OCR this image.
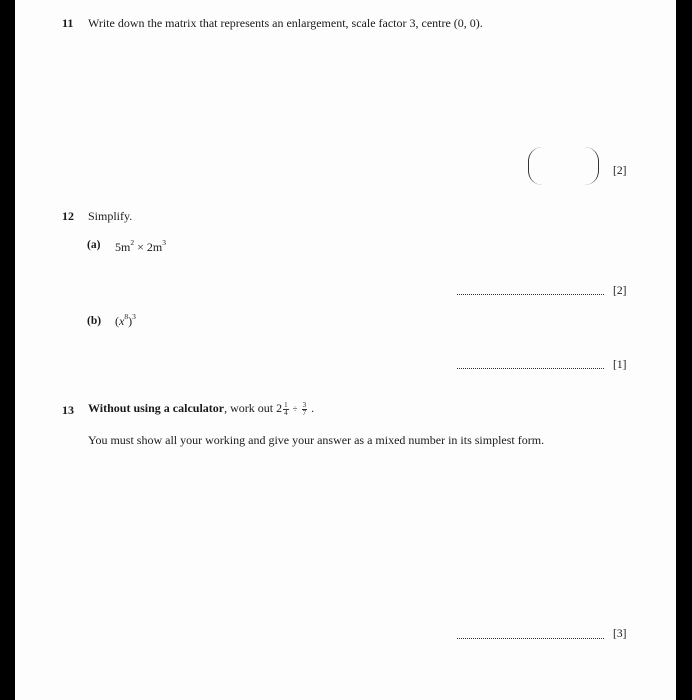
11 Write down the matrix that represents an enlargement, scale factor 3, centre (0, 0).
[2]
12 Simplify.
(a) $5m^2 \times 2m^3$
[2]
(b) $(x^8)^3$
[1]
13 Without using a calculator, work out $2 \frac{1}{4} \div \frac{3}{7}$ .
You must show all your working and give your answer as a mixed number in its simplest form.
[3]
